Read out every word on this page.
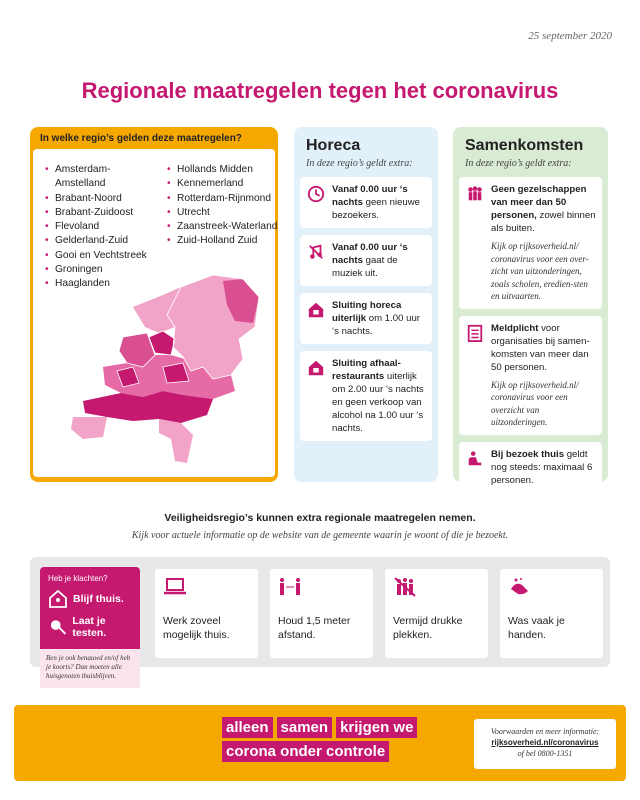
25 september 2020
Regionale maatregelen tegen het coronavirus
In welke regio’s gelden deze maatregelen?
• Amsterdam-Amstelland
• Brabant-Noord
• Brabant-Zuidoost
• Flevoland
• Gelderland-Zuid
• Gooi en Vechtstreek
• Groningen
• Haaglanden
• Hollands Midden
• Kennemerland
• Rotterdam-Rijnmond
• Utrecht
• Zaanstreek-Waterland
• Zuid-Holland Zuid
Horeca
In deze regio’s geldt extra:
Vanaf 0.00 uur ‘s nachts geen nieuwe bezoekers.
Vanaf 0.00 uur ‘s nachts gaat de muziek uit.
Sluiting horeca uiterlijk om 1.00 uur ‘s nachts.
Sluiting afhaal-restaurants uiterlijk om 2.00 uur ‘s nachts en geen verkoop van alcohol na 1.00 uur ‘s nachts.
Samenkomsten
In deze regio’s geldt extra:
Geen gezelschappen van meer dan 50 personen, zowel binnen als buiten.
Kijk op rijksoverheid.nl/ coronavirus voor een over-zicht van uitzonderingen, zoals scholen, eredien-sten en uitvaarten.
Meldplicht voor organisaties bij samen-komsten van meer dan 50 personen.
Kijk op rijksoverheid.nl/ coronavirus voor een overzicht van uitzonderingen.
Bij bezoek thuis geldt nog steeds: maximaal 6 personen.
Veiligheidsregio’s kunnen extra regionale maatregelen nemen.
Kijk voor actuele informatie op de website van de gemeente waarin je woont of die je bezoekt.
Heb je klachten?
Blijf thuis.
Laat je testen.
Ben je ook benauwd en/of heb je koorts? Dan moeten alle huisgenoten thuisblijven.
Werk zoveel mogelijk thuis.
Houd 1,5 meter afstand.
Vermijd drukke plekken.
Was vaak je handen.
alleen samen krijgen we
corona onder controle
Voorwaarden en meer informatie:
rijksoverheid.nl/coronavirus
of bel 0800-1351
